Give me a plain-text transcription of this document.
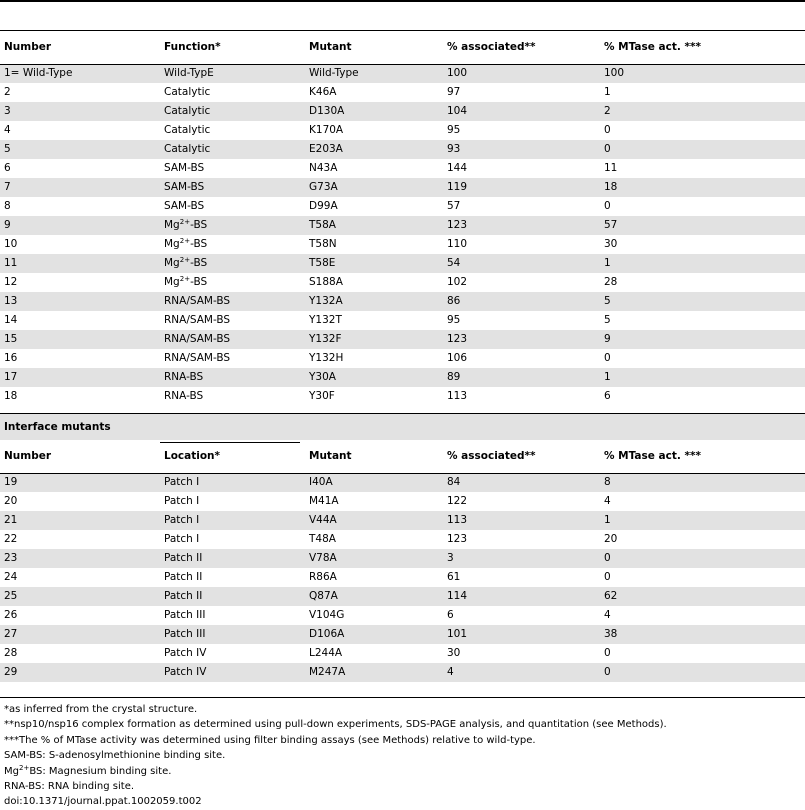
Number	Function*	Mutant	% associated**	% MTase act. ***
1= Wild-Type	Wild-TypE	Wild-Type	100	100
2	Catalytic	K46A	97	1
3	Catalytic	D130A	104	2
4	Catalytic	K170A	95	0
5	Catalytic	E203A	93	0
6	SAM-BS	N43A	144	11
7	SAM-BS	G73A	119	18
8	SAM-BS	D99A	57	0
9	$Mg^{2+}-BS$	T58A	123	57
10	$Mg^{2+}-BS$	T58N	110	30
11	$Mg^{2+}-BS$	T58E	54	1
12	$Mg^{2+}-BS$	S188A	102	28
13	RNA/SAM-BS	Y132A	86	5
14	RNA/SAM-BS	Y132T	95	5
15	RNA/SAM-BS	Y132F	123	9
16	RNA/SAM-BS	Y132H	106	0
17	RNA-BS	Y30A	89	1
18	RNA-BS	Y30F	113	6
Interface mutants
Number	Location*	Mutant	% associated**	% MTase act. ***
19	Patch I	I40A	84	8
20	Patch I	M41A	122	4
21	Patch I	V44A	113	1
22	Patch I	T48A	123	20
23	Patch II	V78A	3	0
24	Patch II	R86A	61	0
25	Patch II	Q87A	114	62
26	Patch III	V104G	6	4
27	Patch III	D106A	101	38
28	Patch IV	L244A	30	0
29	Patch IV	M247A	4	0
*as inferred from the crystal structure.
**nsp10/nsp16 complex formation as determined using pull-down experiments, SDS-PAGE analysis, and quantitation (see Methods).
***The % of MTase activity was determined using filter binding assays (see Methods) relative to wild-type.
SAM-BS: S-adenosylmethionine binding site.
$Mg^{2+}BS$: Magnesium binding site.
RNA-BS: RNA binding site.
doi:10.1371/journal.ppat.1002059.t002
